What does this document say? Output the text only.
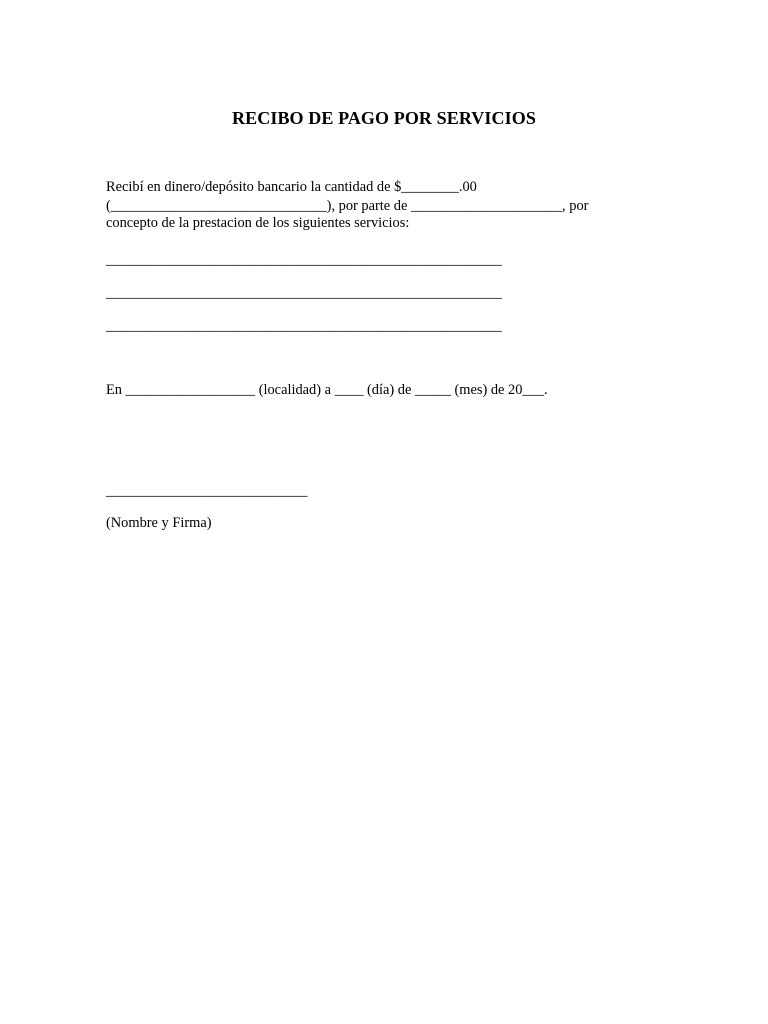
RECIBO DE PAGO POR SERVICIOS
Recibí en dinero/depósito bancario la cantidad de $________.00
(______________________________), por parte de _____________________, por
concepto de la prestacion de los siguientes servicios:
_______________________________________________________
_______________________________________________________
_______________________________________________________
En __________________ (localidad) a ____ (día) de _____ (mes) de 20___.
____________________________
(Nombre y Firma)
